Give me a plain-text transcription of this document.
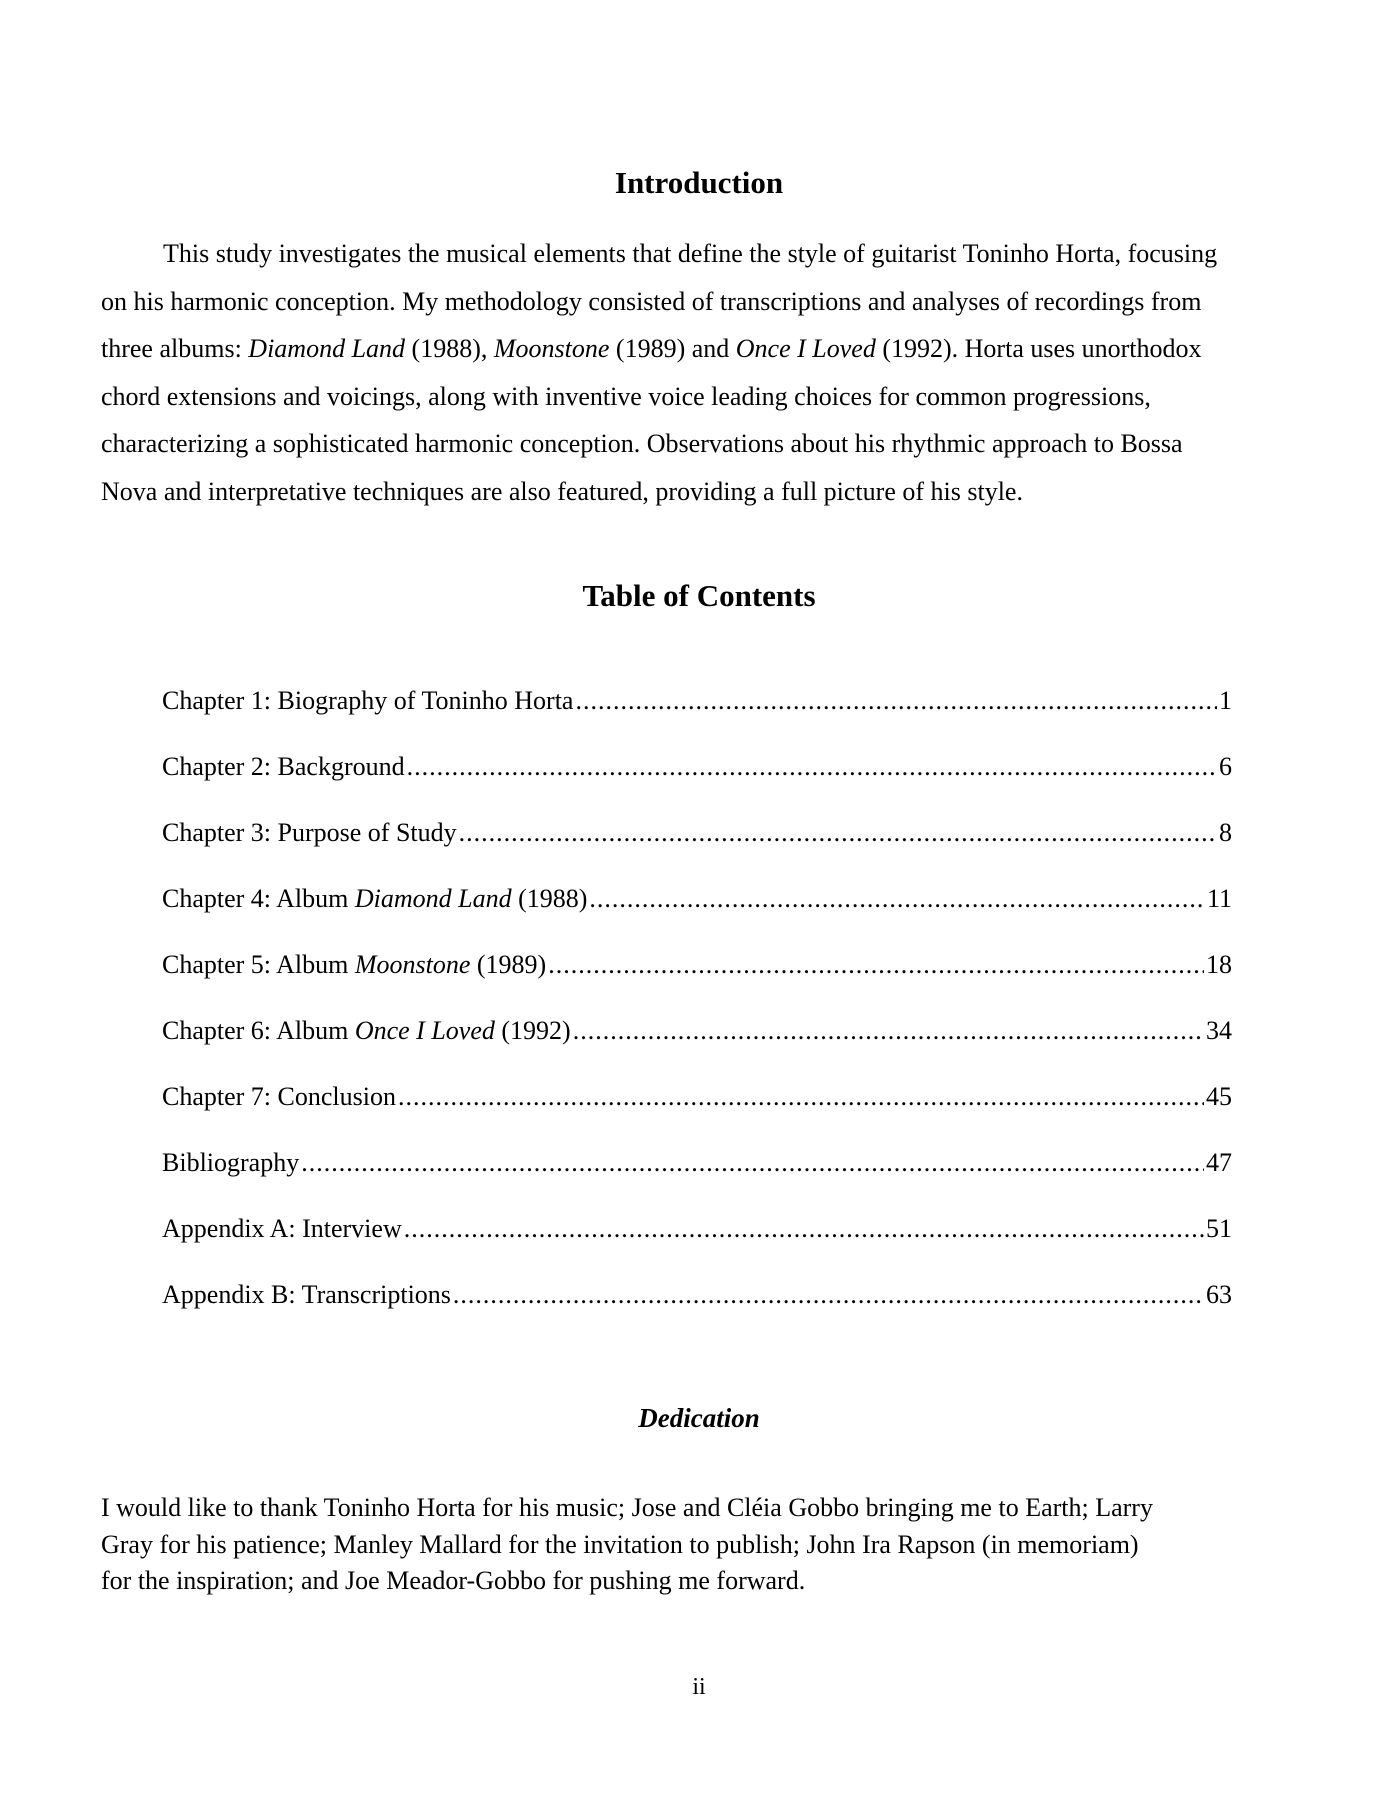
Introduction
This study investigates the musical elements that define the style of guitarist Toninho Horta, focusing
on his harmonic conception. My methodology consisted of transcriptions and analyses of recordings from
three albums: Diamond Land (1988), Moonstone (1989) and Once I Loved (1992). Horta uses unorthodox
chord extensions and voicings, along with inventive voice leading choices for common progressions,
characterizing a sophisticated harmonic conception. Observations about his rhythmic approach to Bossa
Nova and interpretative techniques are also featured, providing a full picture of his style.
Table of Contents
Chapter 1: Biography of Toninho Horta .....	1
Chapter 2: Background .....	6
Chapter 3: Purpose of Study .....	8
Chapter 4: Album Diamond Land (1988) .....	11
Chapter 5: Album Moonstone (1989) .....	18
Chapter 6: Album Once I Loved (1992) .....	34
Chapter 7: Conclusion .....	45
Bibliography .....	47
Appendix A: Interview .....	51
Appendix B: Transcriptions .....	63
Dedication
I would like to thank Toninho Horta for his music; Jose and Cléia Gobbo bringing me to Earth; Larry
Gray for his patience; Manley Mallard for the invitation to publish; John Ira Rapson (in memoriam)
for the inspiration; and Joe Meador-Gobbo for pushing me forward.
ii
